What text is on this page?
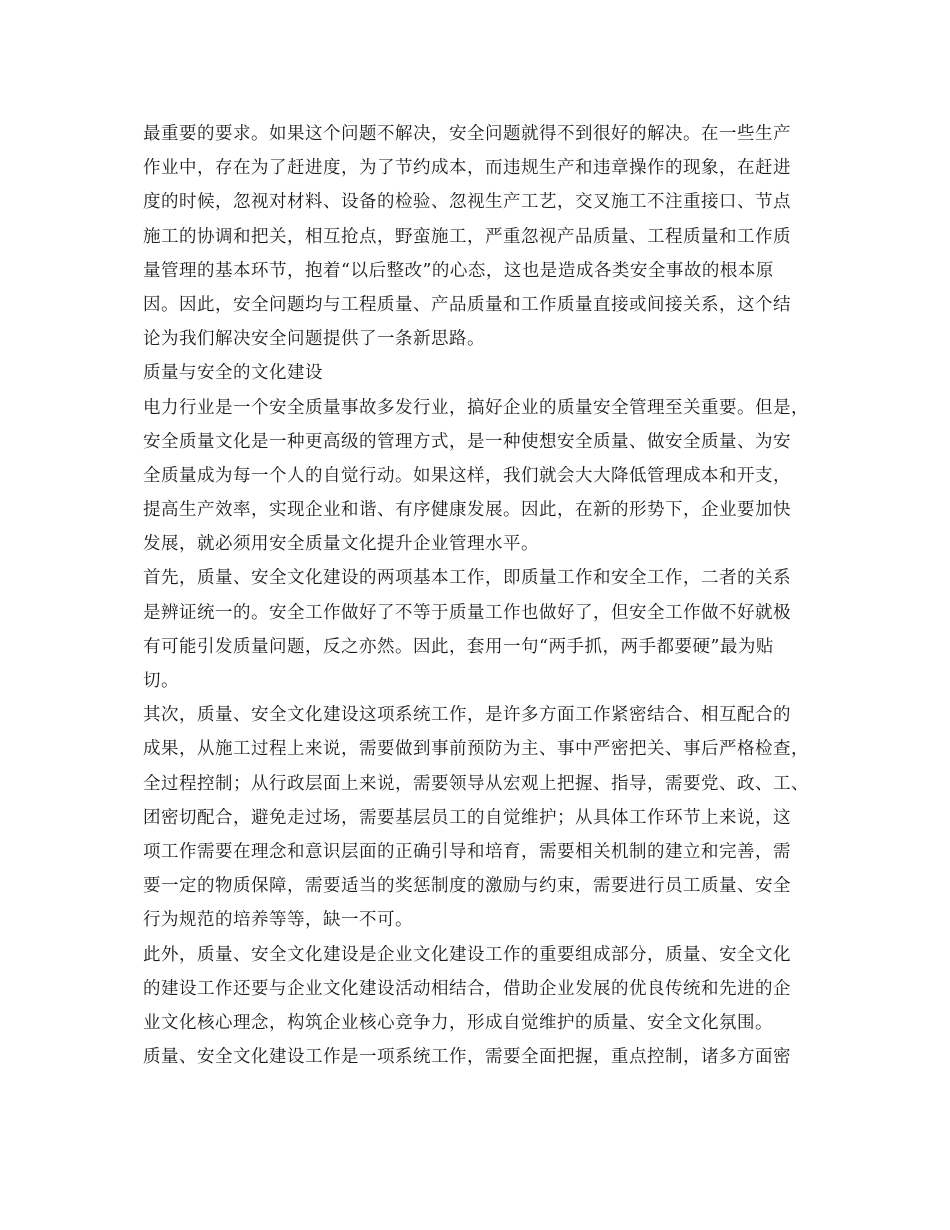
最重要的要求。如果这个问题不解决，安全问题就得不到很好的解决。在一些生产
作业中，存在为了赶进度，为了节约成本，而违规生产和违章操作的现象，在赶进
度的时候，忽视对材料、设备的检验、忽视生产工艺，交叉施工不注重接口、节点
施工的协调和把关，相互抢点，野蛮施工，严重忽视产品质量、工程质量和工作质
量管理的基本环节，抱着“以后整改”的心态，这也是造成各类安全事故的根本原
因。因此，安全问题均与工程质量、产品质量和工作质量直接或间接关系，这个结
论为我们解决安全问题提供了一条新思路。
质量与安全的文化建设
电力行业是一个安全质量事故多发行业，搞好企业的质量安全管理至关重要。但是，
安全质量文化是一种更高级的管理方式，是一种使想安全质量、做安全质量、为安
全质量成为每一个人的自觉行动。如果这样，我们就会大大降低管理成本和开支，
提高生产效率，实现企业和谐、有序健康发展。因此，在新的形势下，企业要加快
发展，就必须用安全质量文化提升企业管理水平。
首先，质量、安全文化建设的两项基本工作，即质量工作和安全工作，二者的关系
是辨证统一的。安全工作做好了不等于质量工作也做好了，但安全工作做不好就极
有可能引发质量问题，反之亦然。因此，套用一句“两手抓，两手都要硬”最为贴
切。
其次，质量、安全文化建设这项系统工作，是许多方面工作紧密结合、相互配合的
成果，从施工过程上来说，需要做到事前预防为主、事中严密把关、事后严格检查，
全过程控制；从行政层面上来说，需要领导从宏观上把握、指导，需要党、政、工、
团密切配合，避免走过场，需要基层员工的自觉维护；从具体工作环节上来说，这
项工作需要在理念和意识层面的正确引导和培育，需要相关机制的建立和完善，需
要一定的物质保障，需要适当的奖惩制度的激励与约束，需要进行员工质量、安全
行为规范的培养等等，缺一不可。
此外，质量、安全文化建设是企业文化建设工作的重要组成部分，质量、安全文化
的建设工作还要与企业文化建设活动相结合，借助企业发展的优良传统和先进的企
业文化核心理念，构筑企业核心竞争力，形成自觉维护的质量、安全文化氛围。
质量、安全文化建设工作是一项系统工作，需要全面把握，重点控制，诸多方面密
